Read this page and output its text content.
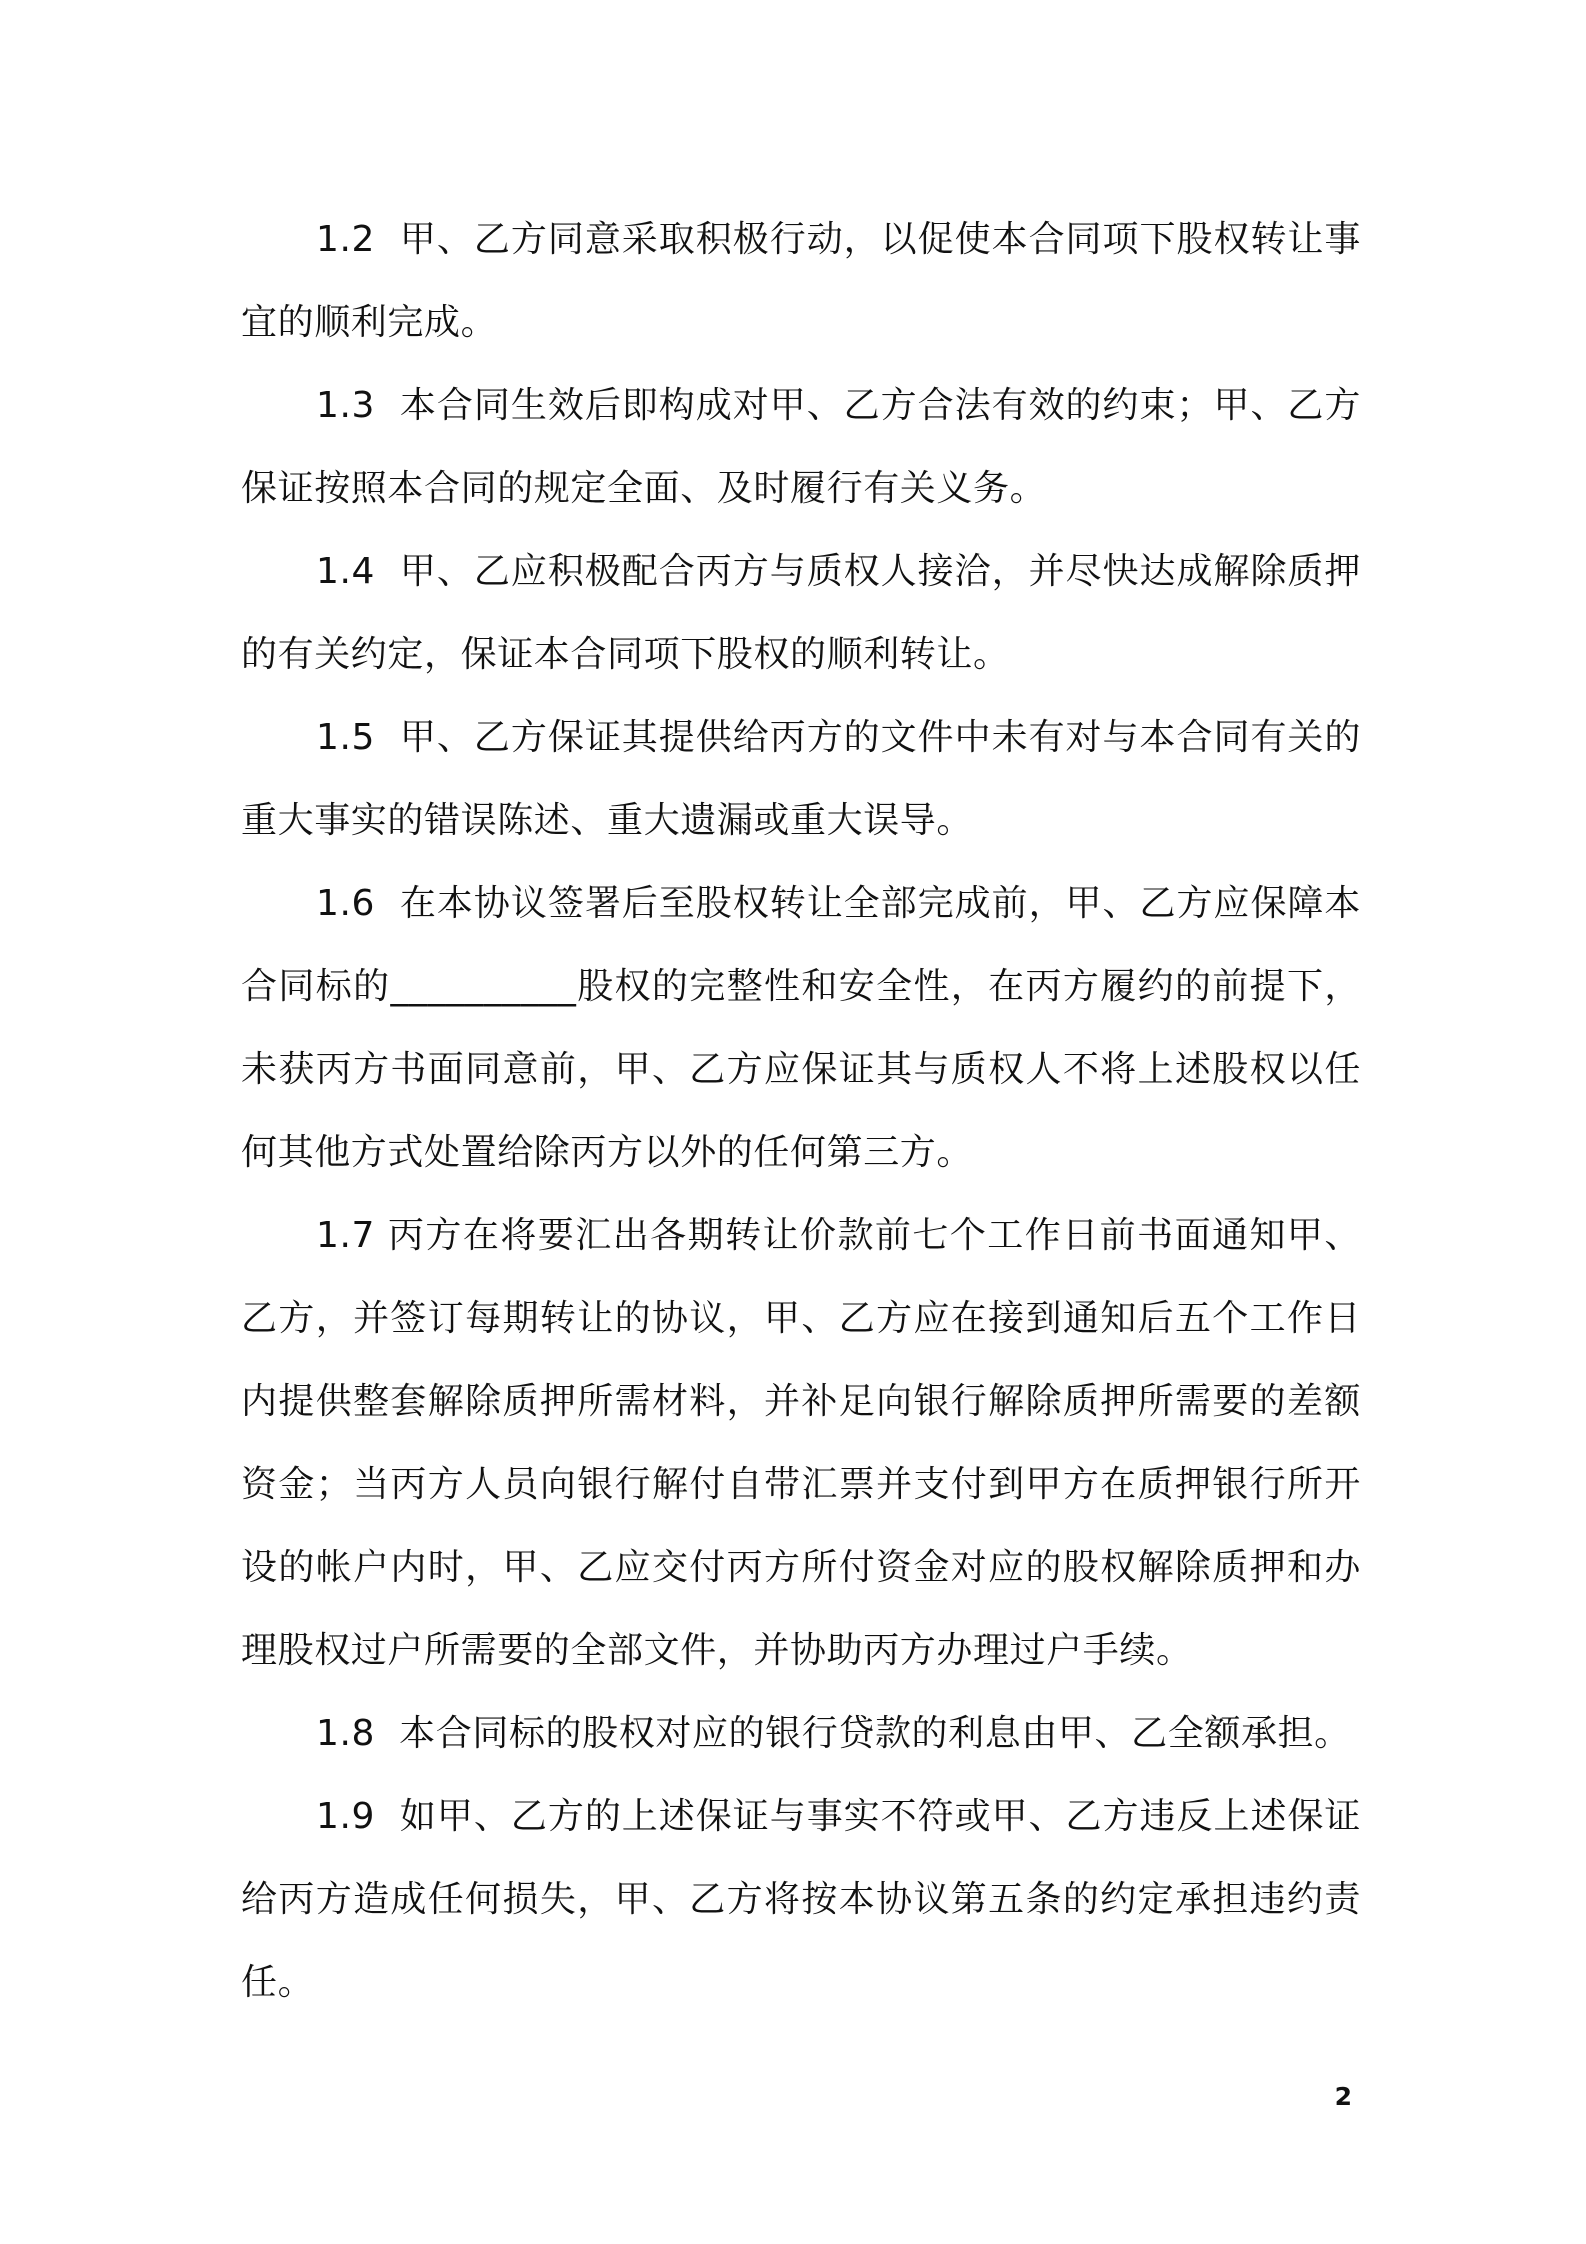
1.2 甲、乙方同意采取积极行动，以促使本合同项下股权转让事宜的顺利完成。

1.3 本合同生效后即构成对甲、乙方合法有效的约束；甲、乙方保证按照本合同的规定全面、及时履行有关义务。

1.4 甲、乙应积极配合丙方与质权人接洽，并尽快达成解除质押的有关约定，保证本合同项下股权的顺利转让。

1.5 甲、乙方保证其提供给丙方的文件中未有对与本合同有关的重大事实的错误陈述、重大遗漏或重大误导。

1.6 在本协议签署后至股权转让全部完成前，甲、乙方应保障本合同标的__________股权的完整性和安全性，在丙方履约的前提下，未获丙方书面同意前，甲、乙方应保证其与质权人不将上述股权以任何其他方式处置给除丙方以外的任何第三方。

1.7 丙方在将要汇出各期转让价款前七个工作日前书面通知甲、乙方，并签订每期转让的协议，甲、乙方应在接到通知后五个工作日内提供整套解除质押所需材料，并补足向银行解除质押所需要的差额资金；当丙方人员向银行解付自带汇票并支付到甲方在质押银行所开设的帐户内时，甲、乙应交付丙方所付资金对应的股权解除质押和办理股权过户所需要的全部文件，并协助丙方办理过户手续。

1.8 本合同标的股权对应的银行贷款的利息由甲、乙全额承担。

1.9 如甲、乙方的上述保证与事实不符或甲、乙方违反上述保证给丙方造成任何损失，甲、乙方将按本协议第五条的约定承担违约责任。

2
